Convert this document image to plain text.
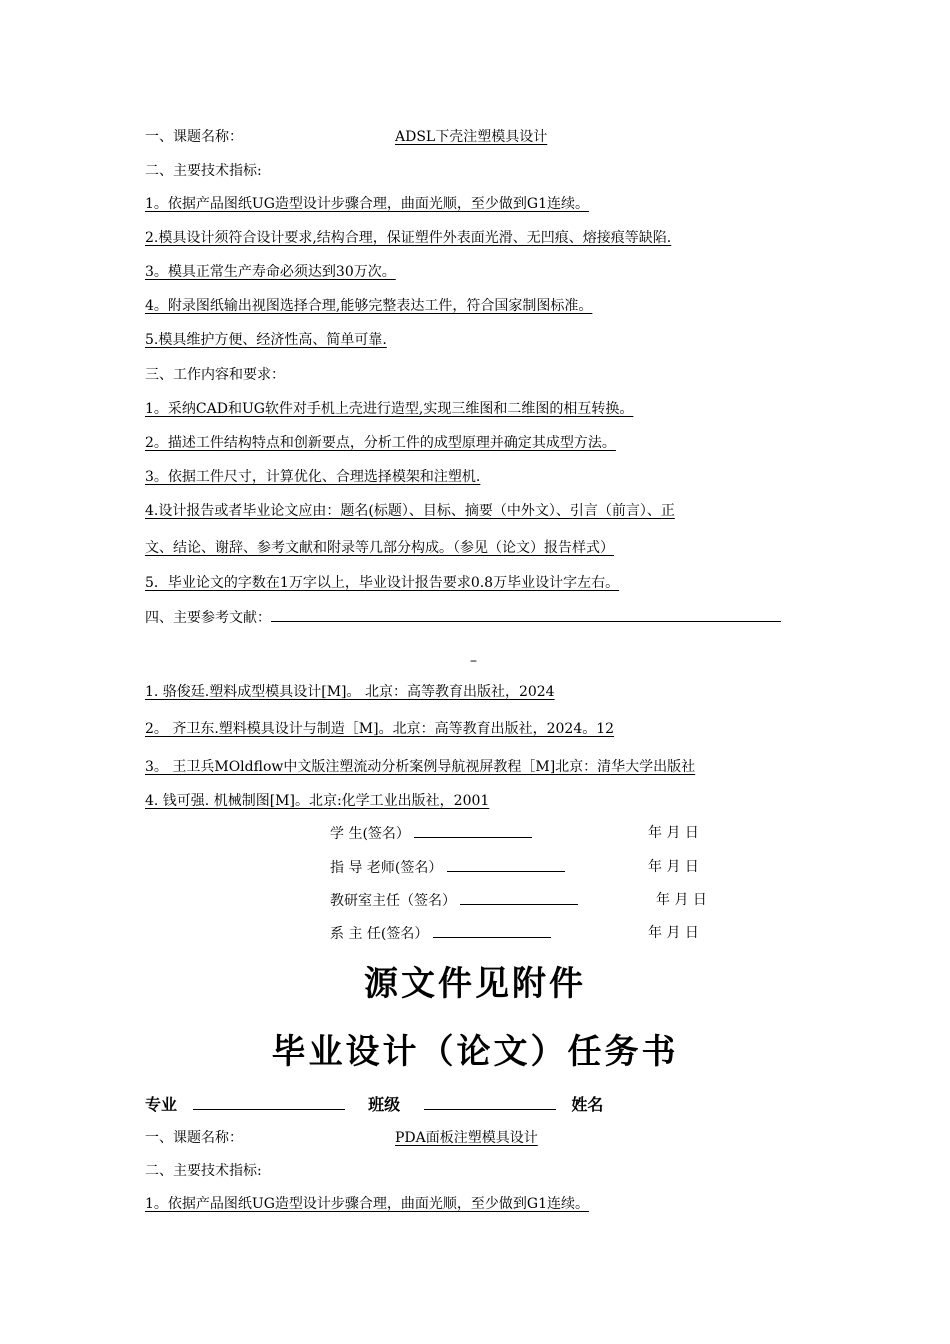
一、课题名称：	ADSL下壳注塑模具设计
二、主要技术指标:
1。依据产品图纸UG造型设计步骤合理，曲面光顺，至少做到G1连续。
2.模具设计须符合设计要求,结构合理，保证塑件外表面光滑、无凹痕、熔接痕等缺陷.
3。模具正常生产寿命必须达到30万次。
4。附录图纸输出视图选择合理,能够完整表达工件，符合国家制图标准。
5.模具维护方便、经济性高、简单可靠.
三、工作内容和要求：
1。采纳CAD和UG软件对手机上壳进行造型,实现三维图和二维图的相互转换。
2。描述工件结构特点和创新要点，分析工件的成型原理并确定其成型方法。
3。依据工件尺寸，计算优化、合理选择模架和注塑机.
4.设计报告或者毕业论文应由：题名(标题）、目标、摘要（中外文）、引言（前言）、正
文、结论、谢辞、参考文献和附录等几部分构成。（参见（论文）报告样式）
5．毕业论文的字数在1万字以上，毕业设计报告要求0.8万毕业设计字左右。
四、主要参考文献：
–
1. 骆俊廷.塑料成型模具设计[M]。 北京：高等教育出版社，2024
2。 齐卫东.塑料模具设计与制造［M]。北京：高等教育出版社，2024。12
3。 王卫兵MOldflow中文版注塑流动分析案例导航视屏教程［M]北京：清华大学出版社
4. 钱可强. 机械制图[M]。北京:化学工业出版社，2001
学 生(签名）	年 月 日
指 导 老师(签名）	年 月 日
教研室主任（签名）	年 月 日
系 主 任(签名）	年 月 日
源文件见附件
毕业设计（论文）任务书
专业	班级	姓名
一、课题名称：	PDA面板注塑模具设计
二、主要技术指标:
1。依据产品图纸UG造型设计步骤合理，曲面光顺，至少做到G1连续。
